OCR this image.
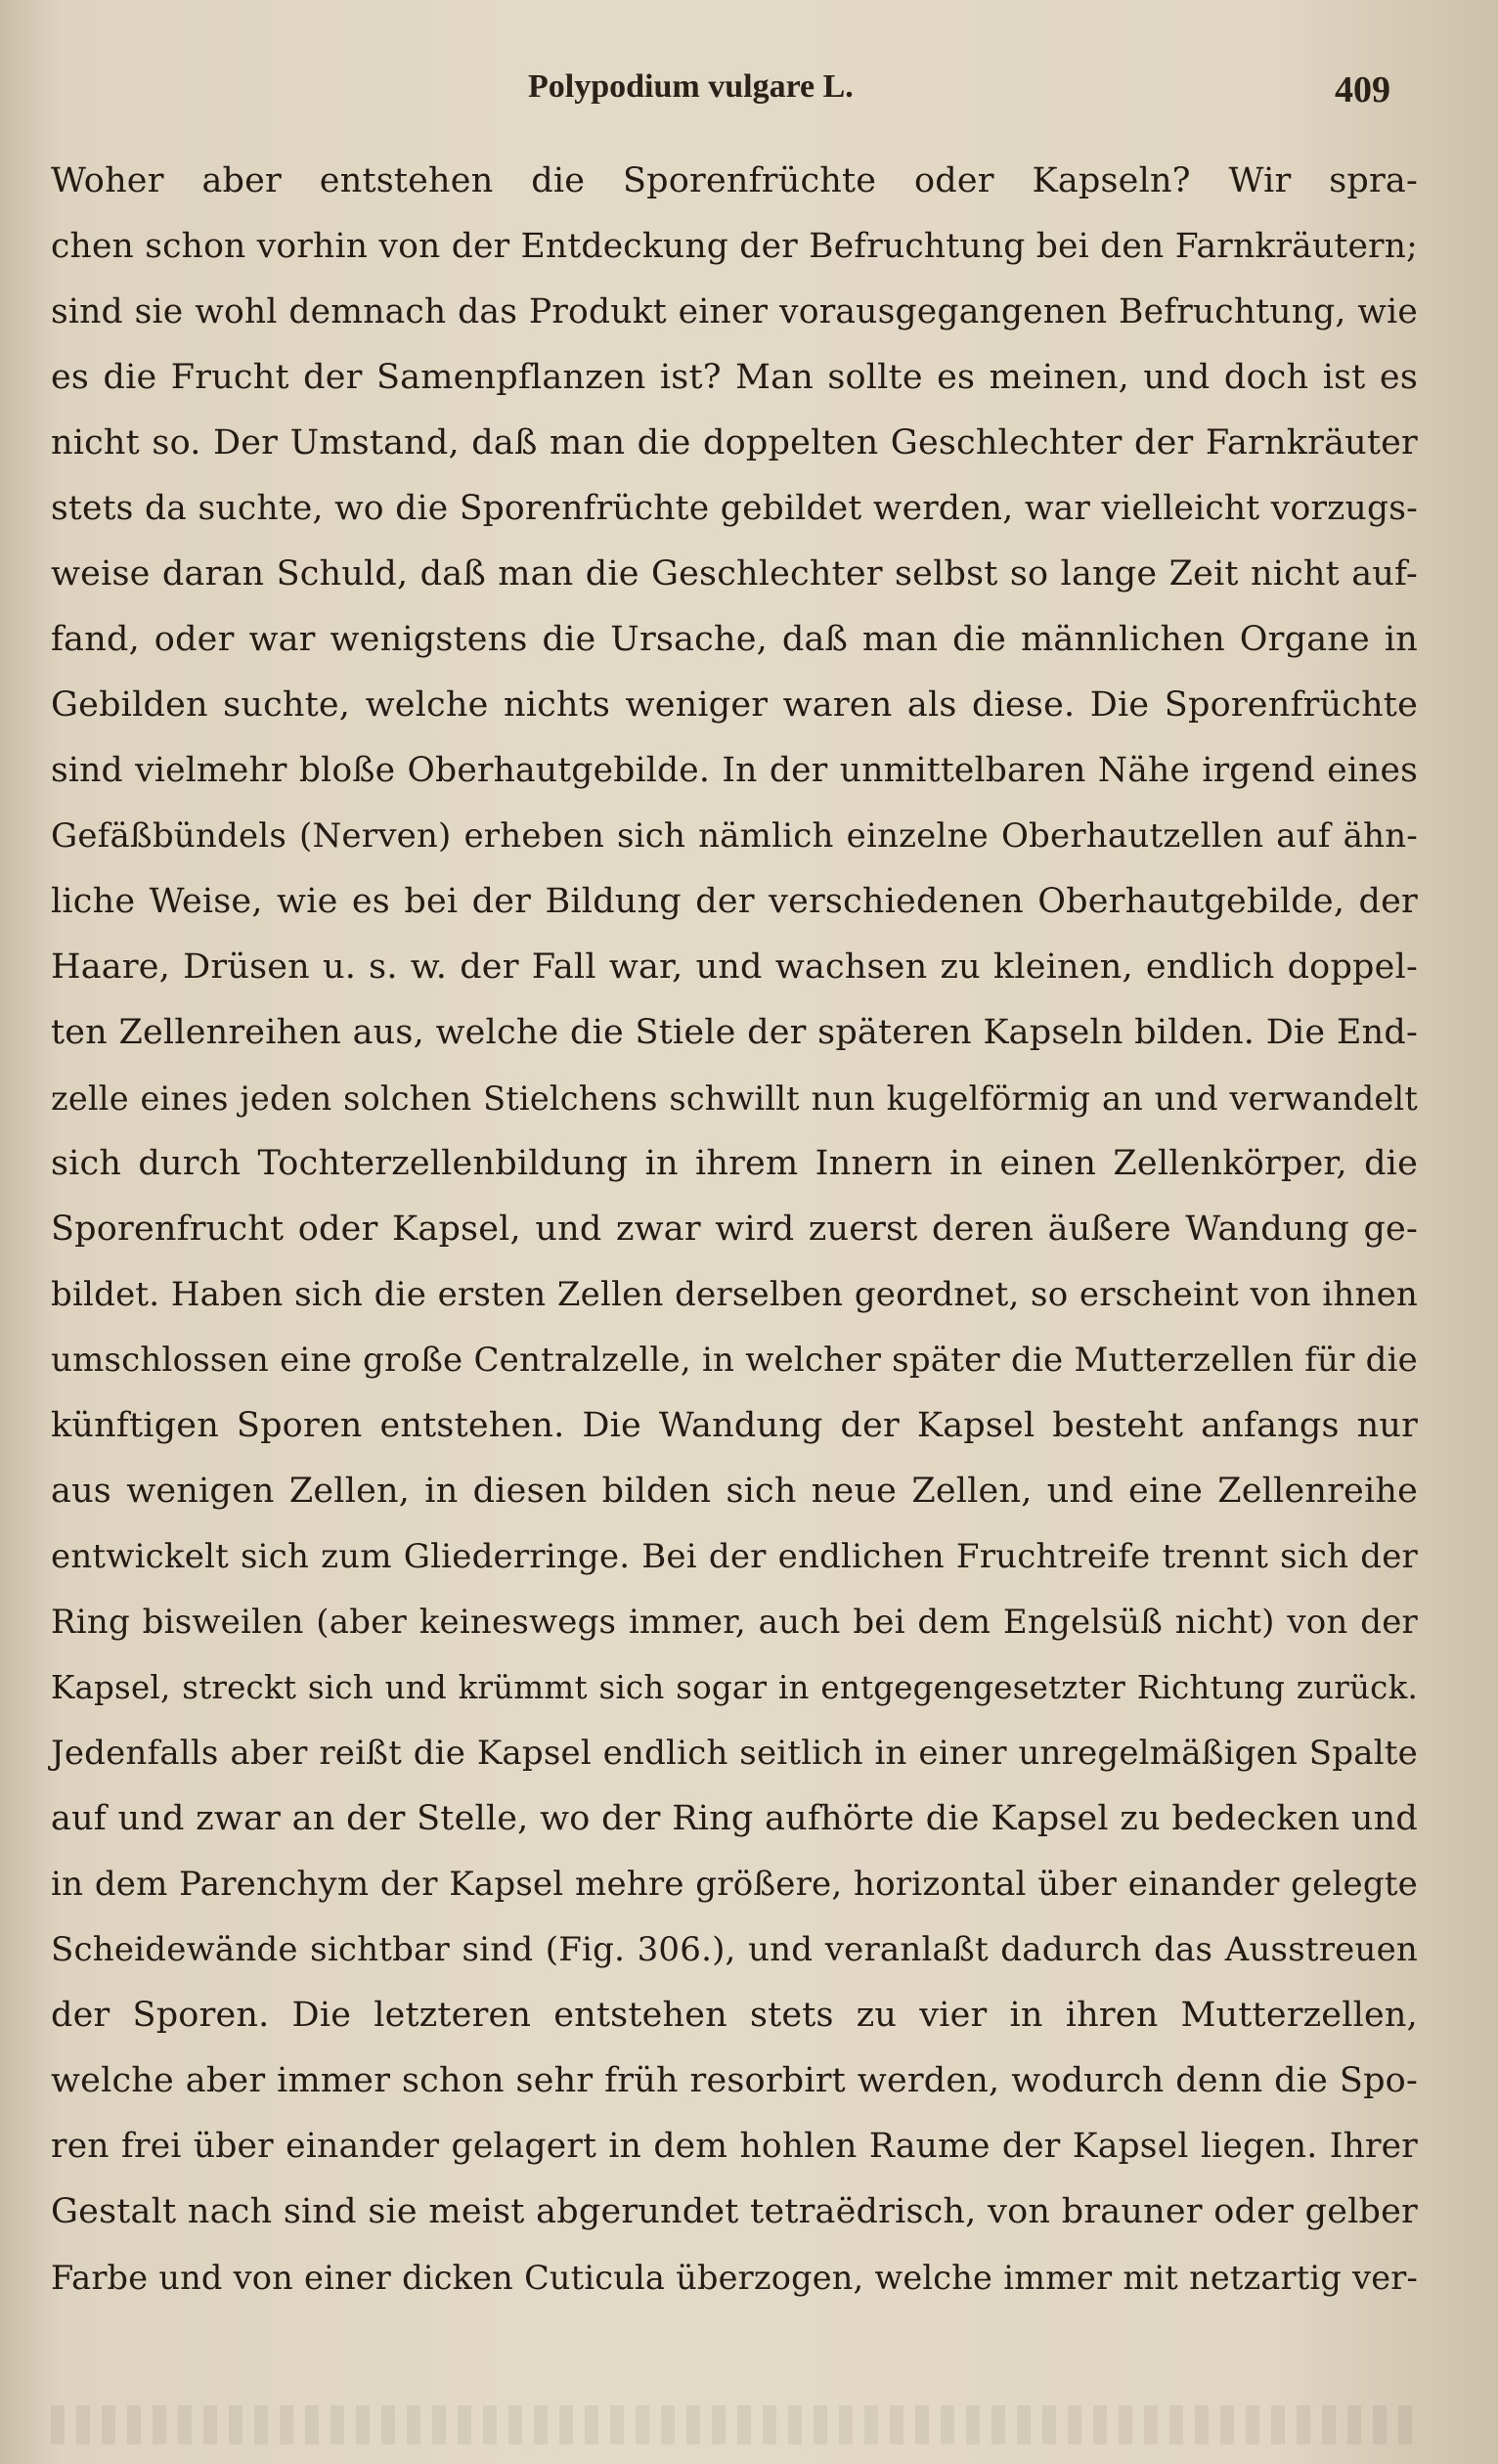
Polypodium vulgare L.	409
Woher aber entstehen die Sporenfrüchte oder Kapseln? Wir spra-
chen schon vorhin von der Entdeckung der Befruchtung bei den Farnkräutern;
sind sie wohl demnach das Produkt einer vorausgegangenen Befruchtung, wie
es die Frucht der Samenpflanzen ist? Man sollte es meinen, und doch ist es
nicht so. Der Umstand, daß man die doppelten Geschlechter der Farnkräuter
stets da suchte, wo die Sporenfrüchte gebildet werden, war vielleicht vorzugs-
weise daran Schuld, daß man die Geschlechter selbst so lange Zeit nicht auf-
fand, oder war wenigstens die Ursache, daß man die männlichen Organe in
Gebilden suchte, welche nichts weniger waren als diese. Die Sporenfrüchte
sind vielmehr bloße Oberhautgebilde. In der unmittelbaren Nähe irgend eines
Gefäßbündels (Nerven) erheben sich nämlich einzelne Oberhautzellen auf ähn-
liche Weise, wie es bei der Bildung der verschiedenen Oberhautgebilde, der
Haare, Drüsen u. s. w. der Fall war, und wachsen zu kleinen, endlich doppel-
ten Zellenreihen aus, welche die Stiele der späteren Kapseln bilden. Die End-
zelle eines jeden solchen Stielchens schwillt nun kugelförmig an und verwandelt
sich durch Tochterzellenbildung in ihrem Innern in einen Zellenkörper, die
Sporenfrucht oder Kapsel, und zwar wird zuerst deren äußere Wandung ge-
bildet. Haben sich die ersten Zellen derselben geordnet, so erscheint von ihnen
umschlossen eine große Centralzelle, in welcher später die Mutterzellen für die
künftigen Sporen entstehen. Die Wandung der Kapsel besteht anfangs nur
aus wenigen Zellen, in diesen bilden sich neue Zellen, und eine Zellenreihe
entwickelt sich zum Gliederringe. Bei der endlichen Fruchtreife trennt sich der
Ring bisweilen (aber keineswegs immer, auch bei dem Engelsüß nicht) von der
Kapsel, streckt sich und krümmt sich sogar in entgegengesetzter Richtung zurück.
Jedenfalls aber reißt die Kapsel endlich seitlich in einer unregelmäßigen Spalte
auf und zwar an der Stelle, wo der Ring aufhörte die Kapsel zu bedecken und
in dem Parenchym der Kapsel mehre größere, horizontal über einander gelegte
Scheidewände sichtbar sind (Fig. 306.), und veranlaßt dadurch das Ausstreuen
der Sporen. Die letzteren entstehen stets zu vier in ihren Mutterzellen,
welche aber immer schon sehr früh resorbirt werden, wodurch denn die Spo-
ren frei über einander gelagert in dem hohlen Raume der Kapsel liegen. Ihrer
Gestalt nach sind sie meist abgerundet tetraëdrisch, von brauner oder gelber
Farbe und von einer dicken Cuticula überzogen, welche immer mit netzartig ver-
